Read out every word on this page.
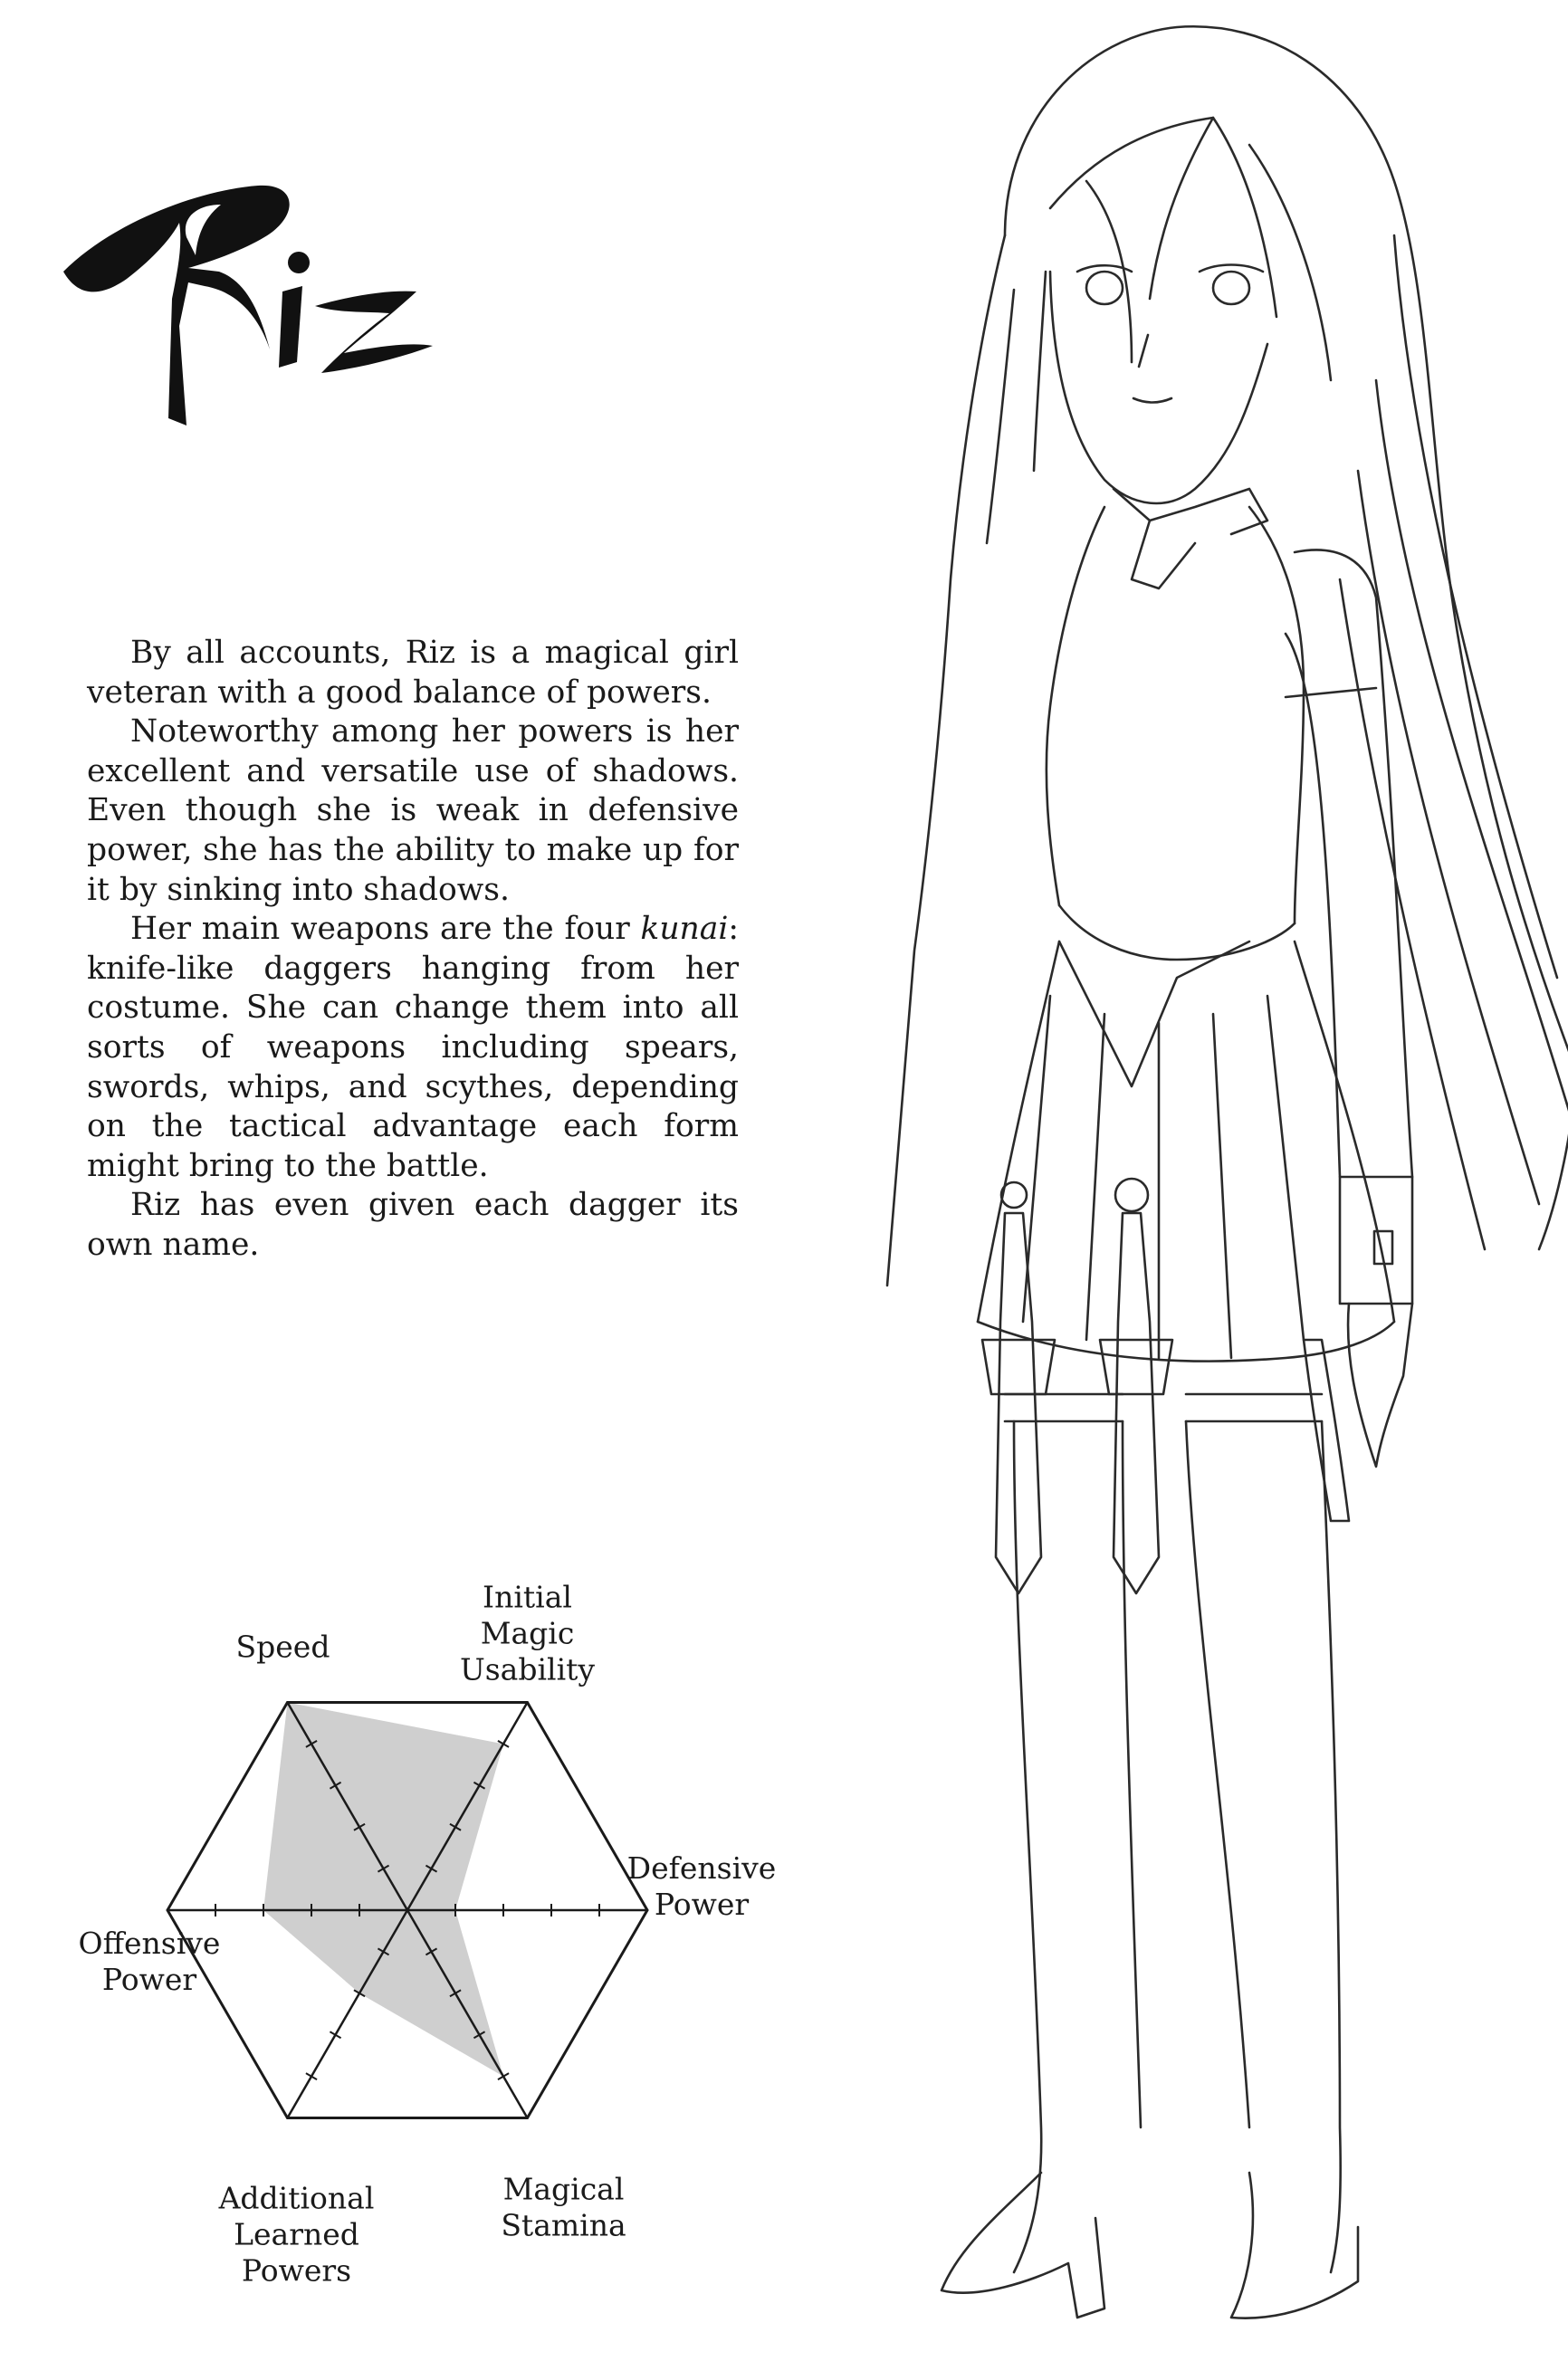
By all accounts, Riz is a magical girl veteran with a good balance of powers.

Noteworthy among her powers is her excellent and versatile use of shadows. Even though she is weak in defensive power, she has the ability to make up for it by sinking into shadows.

Her main weapons are the four kunai: knife-like daggers hanging from her costume. She can change them into all sorts of weapons including spears, swords, whips, and scythes, depending on the tactical advantage each form might bring to the battle.

Riz has even given each dagger its own name.

Initial Magic Usability
Defensive Power
Magical Stamina
Additional Learned Powers
Offensive Power
Speed
